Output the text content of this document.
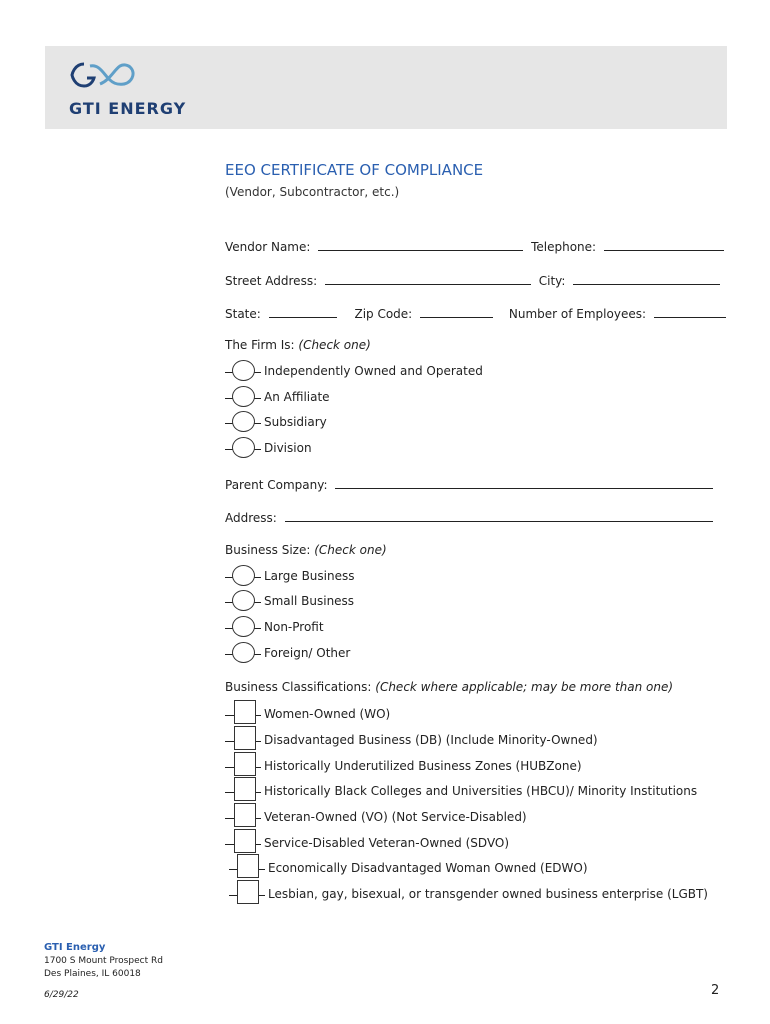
GTI ENERGY
EEO CERTIFICATE OF COMPLIANCE
(Vendor, Subcontractor, etc.)
Vendor Name:	Telephone:
Street Address:	City:
State:	Zip Code:	Number of Employees:
The Firm Is: (Check one)
Independently Owned and Operated
An Affiliate
Subsidiary
Division
Parent Company:
Address:
Business Size: (Check one)
Large Business
Small Business
Non-Profit
Foreign/ Other
Business Classifications: (Check where applicable; may be more than one)
Women-Owned (WO)
Disadvantaged Business (DB) (Include Minority-Owned)
Historically Underutilized Business Zones (HUBZone)
Historically Black Colleges and Universities (HBCU)/ Minority Institutions
Veteran-Owned (VO) (Not Service-Disabled)
Service-Disabled Veteran-Owned (SDVO)
Economically Disadvantaged Woman Owned (EDWO)
Lesbian, gay, bisexual, or transgender owned business enterprise (LGBT)
GTI Energy
1700 S Mount Prospect Rd
Des Plaines, IL 60018
6/29/22	2
